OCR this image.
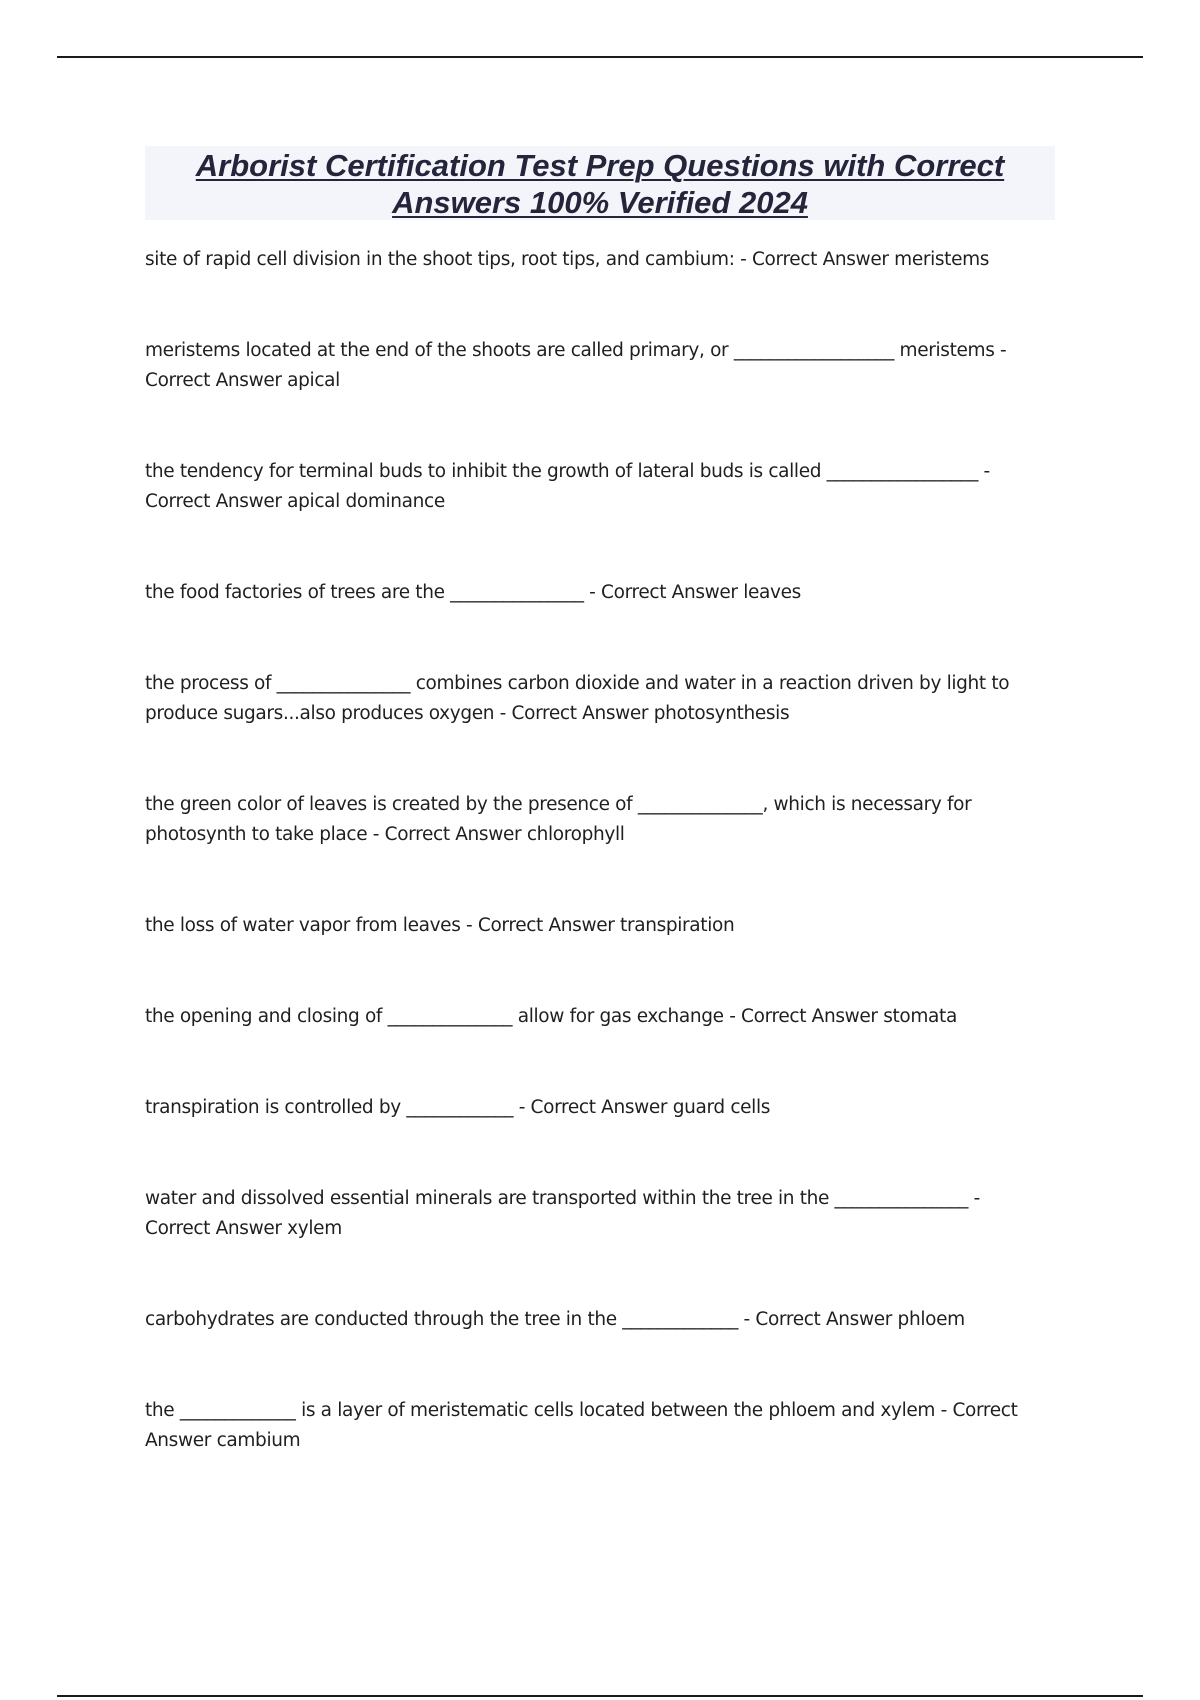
Arborist Certification Test Prep Questions with Correct Answers 100% Verified 2024
site of rapid cell division in the shoot tips, root tips, and cambium: - Correct Answer meristems
meristems located at the end of the shoots are called primary, or __________________ meristems - Correct Answer apical
the tendency for terminal buds to inhibit the growth of lateral buds is called _________________ - Correct Answer apical dominance
the food factories of trees are the _______________ - Correct Answer leaves
the process of _______________ combines carbon dioxide and water in a reaction driven by light to produce sugars...also produces oxygen - Correct Answer photosynthesis
the green color of leaves is created by the presence of ______________, which is necessary for photosynth to take place - Correct Answer chlorophyll
the loss of water vapor from leaves - Correct Answer transpiration
the opening and closing of ______________ allow for gas exchange - Correct Answer stomata
transpiration is controlled by ____________ - Correct Answer guard cells
water and dissolved essential minerals are transported within the tree in the _______________ - Correct Answer xylem
carbohydrates are conducted through the tree in the _____________ - Correct Answer phloem
the _____________ is a layer of meristematic cells located between the phloem and xylem - Correct Answer cambium
